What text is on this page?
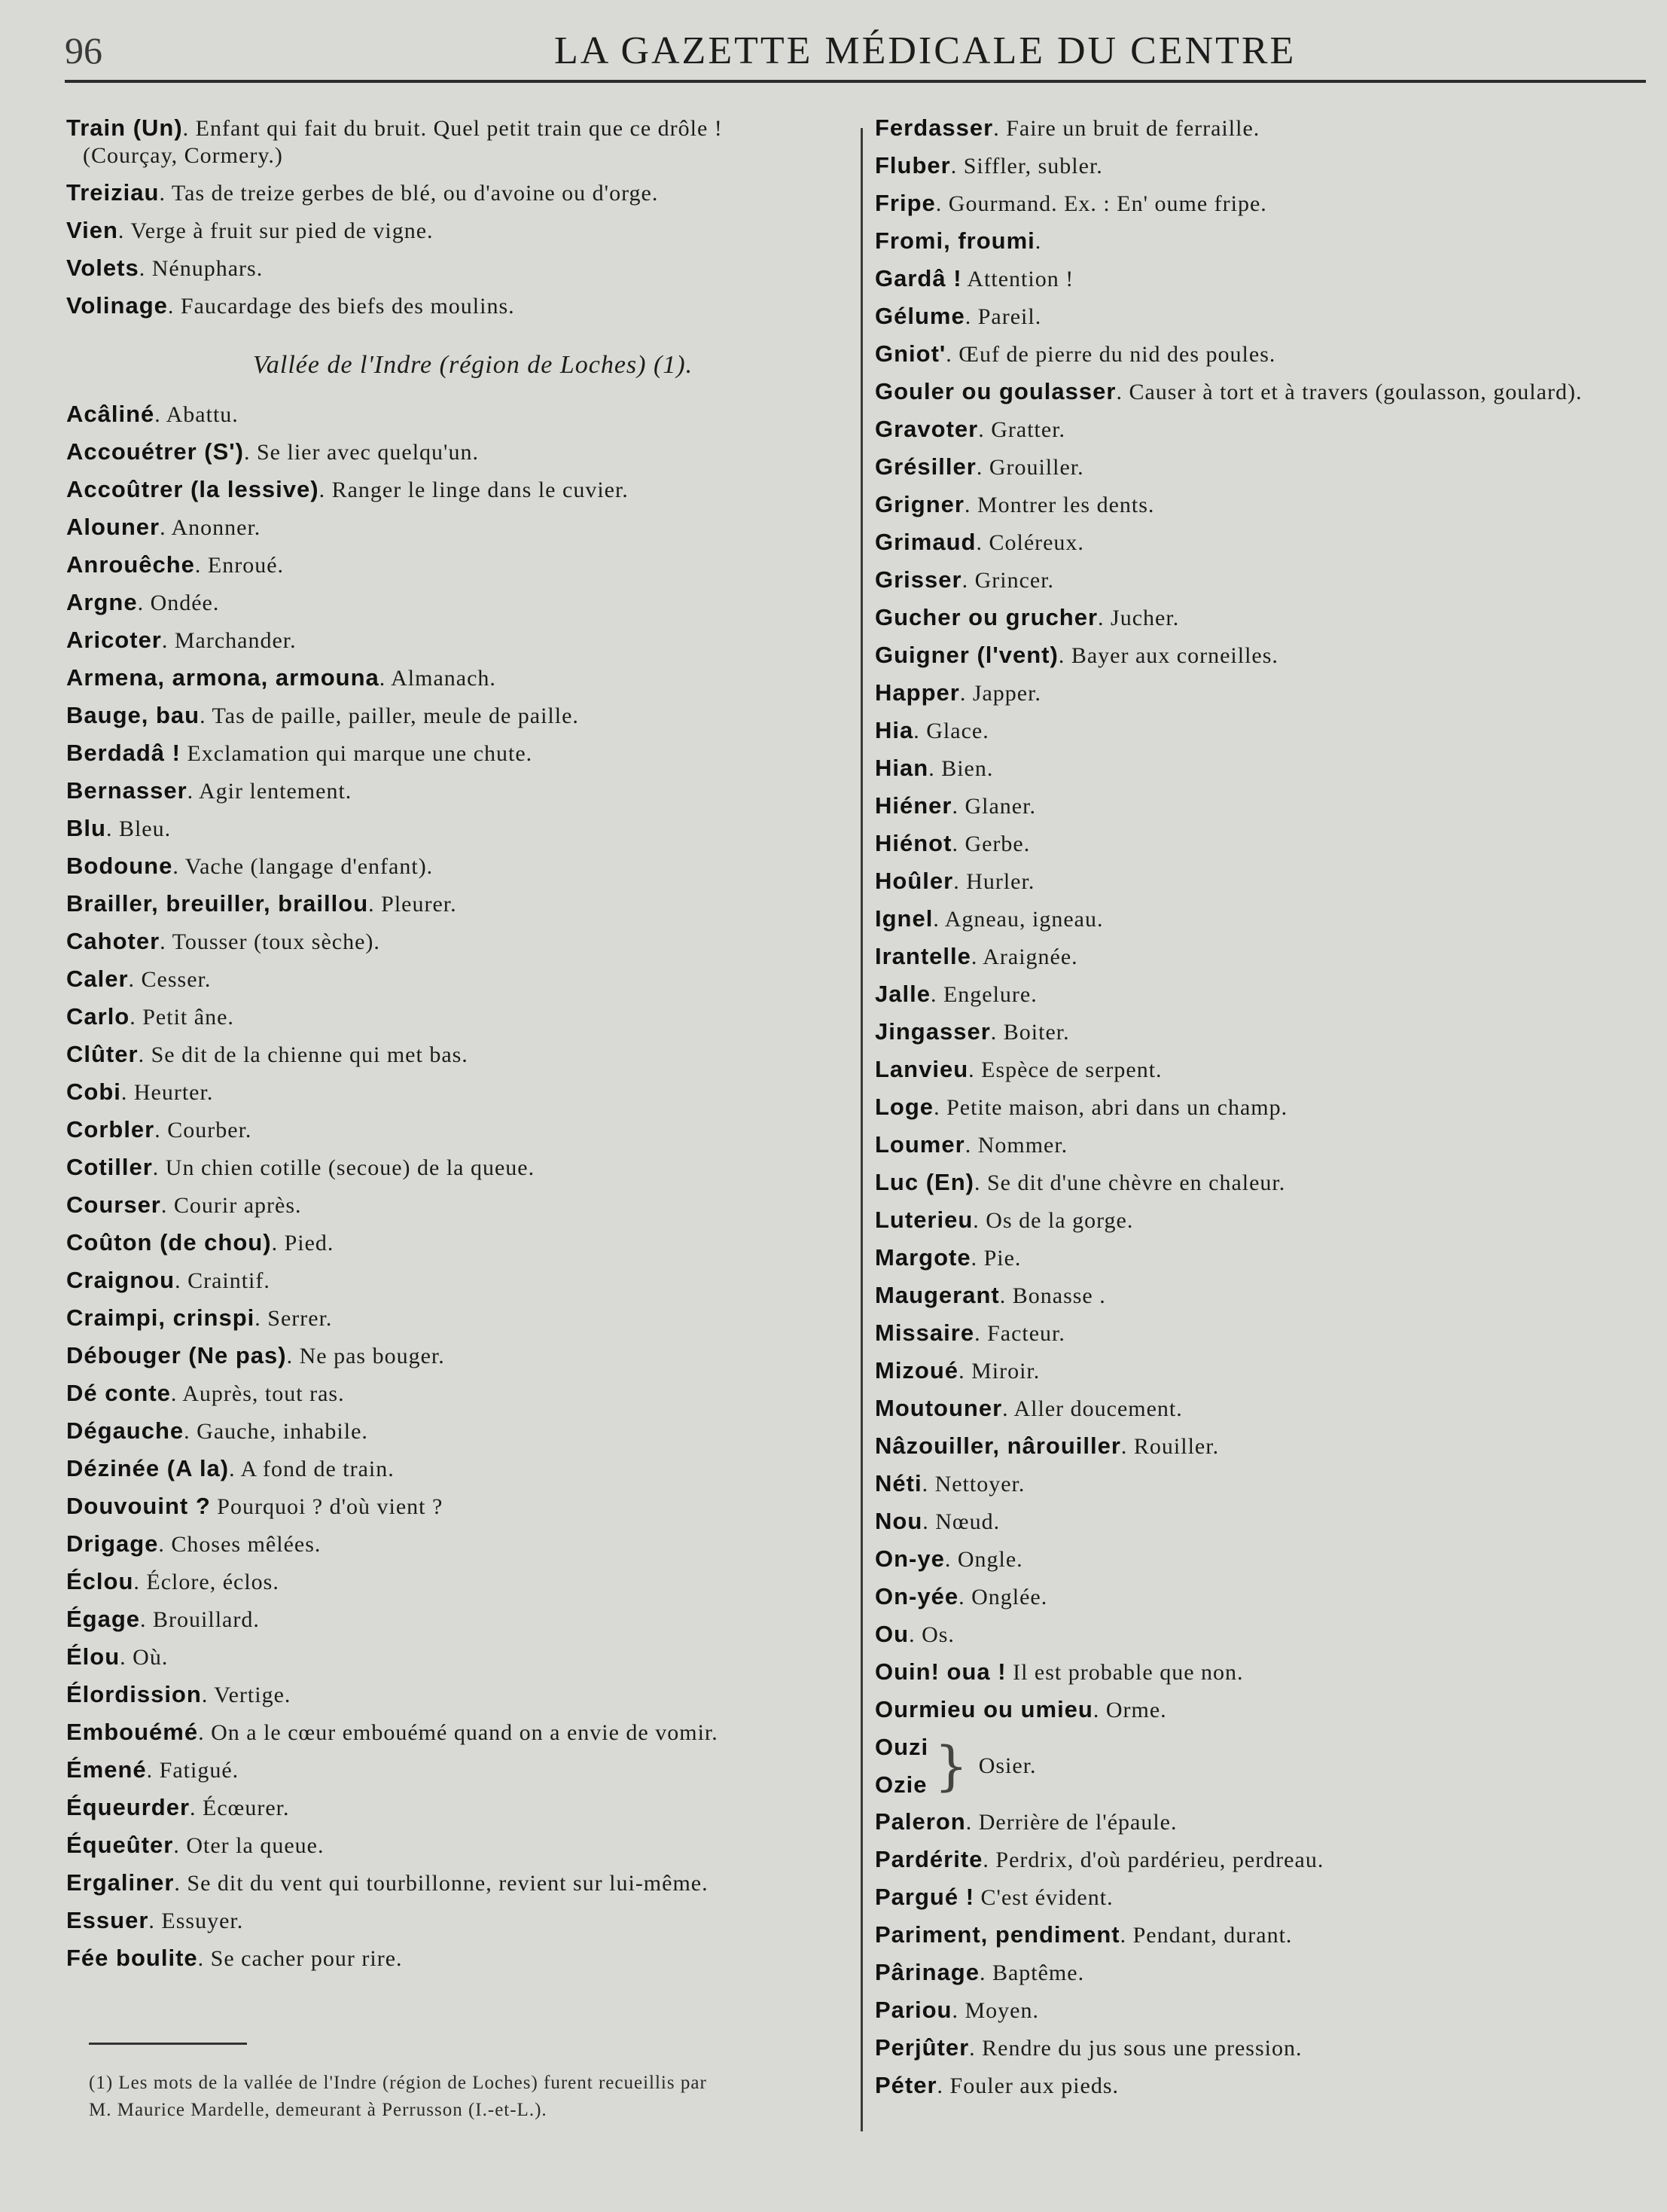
96	LA GAZETTE MÉDICALE DU CENTRE
Train (Un). Enfant qui fait du bruit. Quel petit train que ce drôle !
(Courçay, Cormery.)
Treiziau. Tas de treize gerbes de blé, ou d'avoine ou d'orge.
Vien. Verge à fruit sur pied de vigne.
Volets. Nénuphars.
Volinage. Faucardage des biefs des moulins.
Vallée de l'Indre (région de Loches) (1).
Acâliné. Abattu.
Accouétrer (S'). Se lier avec quelqu'un.
Accoûtrer (la lessive). Ranger le linge dans le cuvier.
Alouner. Anonner.
Anrouêche. Enroué.
Argne. Ondée.
Aricoter. Marchander.
Armena, armona, armouna. Almanach.
Bauge, bau. Tas de paille, pailler, meule de paille.
Berdadâ ! Exclamation qui marque une chute.
Bernasser. Agir lentement.
Blu. Bleu.
Bodoune. Vache (langage d'enfant).
Brailler, breuiller, braillou. Pleurer.
Cahoter. Tousser (toux sèche).
Caler. Cesser.
Carlo. Petit âne.
Clûter. Se dit de la chienne qui met bas.
Cobi. Heurter.
Corbler. Courber.
Cotiller. Un chien cotille (secoue) de la queue.
Courser. Courir après.
Coûton (de chou). Pied.
Craignou. Craintif.
Craimpi, crinspi. Serrer.
Débouger (Ne pas). Ne pas bouger.
Dé conte. Auprès, tout ras.
Dégauche. Gauche, inhabile.
Dézinée (A la). A fond de train.
Douvouint ? Pourquoi ? d'où vient ?
Drigage. Choses mêlées.
Éclou. Éclore, éclos.
Égage. Brouillard.
Élou. Où.
Élordission. Vertige.
Embouémé. On a le cœur embouémé quand on a envie de vomir.
Émené. Fatigué.
Équeurder. Écœurer.
Équeûter. Oter la queue.
Ergaliner. Se dit du vent qui tourbillonne, revient sur lui-même.
Essuer. Essuyer.
Fée boulite. Se cacher pour rire.
Ferdasser. Faire un bruit de ferraille.
Fluber. Siffler, subler.
Fripe. Gourmand. Ex. : En' oume fripe.
Fromi, froumi.
Gardâ ! Attention !
Gélume. Pareil.
Gniot'. Œuf de pierre du nid des poules.
Gouler ou goulasser. Causer à tort et à travers (goulasson, goulard).
Gravoter. Gratter.
Grésiller. Grouiller.
Grigner. Montrer les dents.
Grimaud. Coléreux.
Grisser. Grincer.
Gucher ou grucher. Jucher.
Guigner (l'vent). Bayer aux corneilles.
Happer. Japper.
Hia. Glace.
Hian. Bien.
Hiéner. Glaner.
Hiénot. Gerbe.
Hoûler. Hurler.
Ignel. Agneau, igneau.
Irantelle. Araignée.
Jalle. Engelure.
Jingasser. Boiter.
Lanvieu. Espèce de serpent.
Loge. Petite maison, abri dans un champ.
Loumer. Nommer.
Luc (En). Se dit d'une chèvre en chaleur.
Luterieu. Os de la gorge.
Margote. Pie.
Maugerant. Bonasse .
Missaire. Facteur.
Mizoué. Miroir.
Moutouner. Aller doucement.
Nâzouiller, nârouiller. Rouiller.
Néti. Nettoyer.
Nou. Nœud.
On-ye. Ongle.
On-yée. Onglée.
Ou. Os.
Ouin! oua ! Il est probable que non.
Ourmieu ou umieu. Orme.
Ouzi
Ozie } Osier.
Paleron. Derrière de l'épaule.
Pardérite. Perdrix, d'où pardérieu, perdreau.
Pargué ! C'est évident.
Pariment, pendiment. Pendant, durant.
Pârinage. Baptême.
Pariou. Moyen.
Perjûter. Rendre du jus sous une pression.
Péter. Fouler aux pieds.
(1) Les mots de la vallée de l'Indre (région de Loches) furent recueillis par
M. Maurice Mardelle, demeurant à Perrusson (I.-et-L.).
